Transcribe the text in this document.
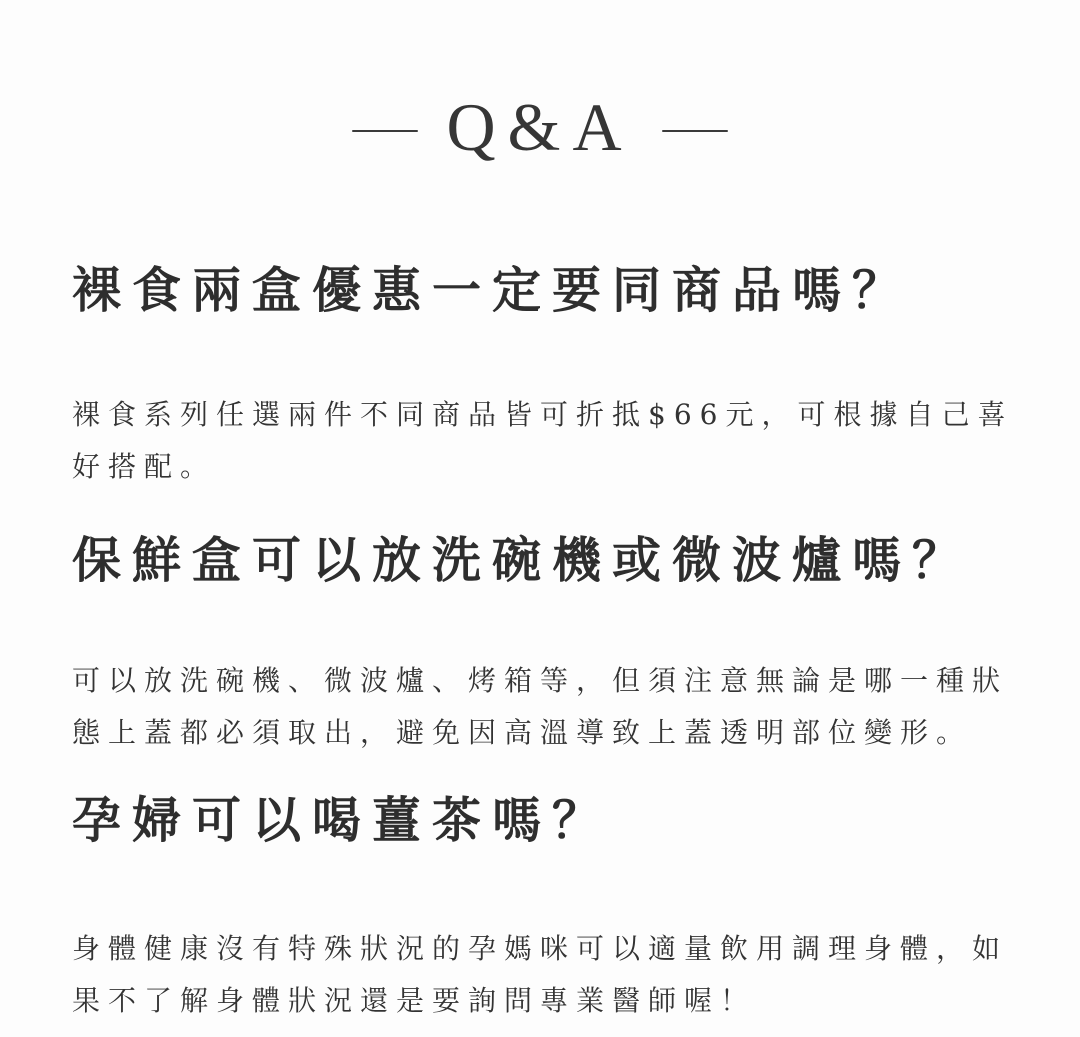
Q&A
裸食兩盒優惠一定要同商品嗎？

裸食系列任選兩件不同商品皆可折抵$66元，可根據自己喜好搭配。

保鮮盒可以放洗碗機或微波爐嗎？

可以放洗碗機、微波爐、烤箱等，但須注意無論是哪一種狀態上蓋都必須取出，避免因高溫導致上蓋透明部位變形。

孕婦可以喝薑茶嗎？

身體健康沒有特殊狀況的孕媽咪可以適量飲用調理身體，如果不了解身體狀況還是要詢問專業醫師喔！
